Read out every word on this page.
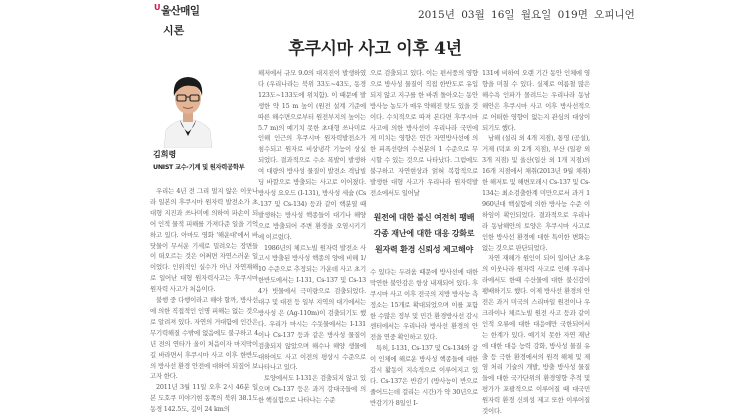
$^U$울산매일
시론
2015년 03월 16일 월요일 019면 오피니언
후쿠시마 사고 이후 4년
김희령
UNIST 교수·기계 및 원자력공학부

우리는 4년 전 그리 멀지 않은 이웃나라 일본의 후쿠시마 원자력 발전소가 초대형 지진과 쓰나미에 의하여 파손이 되어 인적 물적 피해를 가져다준 일을 기억하고 있다. 아마도 영화 '해운대'에서 바닷물이 무서운 기세로 밀려오는 장면들이 떠오르는 것은 어쩌면 자연스러운 일이었다. 인위적인 실수가 아닌 자연재해로 일어난 대형 원자력사고는 후쿠시마 원자력 사고가 처음이다.

불행 중 다행이라고 해야 할까, 방사선에 의한 직접적인 인명 피해는 없는 것으로 알려져 있다. 자연의 거대함에 인간은 무기력해질 수밖에 없음에도 불구하고 4년 전의 연타가 올이 처음이자 마지막이길 바라면서 후쿠시마 사고 이후 한반도의 방사선 환경 안전에 대하여 되짚어 보고자 한다.

2011년 3월 11일 오후 2시 46분 일본 도호쿠 미야기현 동쪽의 북위 38.1도 동경 142.5도, 깊이 24 km의

해저에서 규모 9.0의 대지진이 발생하였다 (우리나라는 북위 33도~43도, 동경 123도~133도에 위치함). 이 때문에 발생한 약 15 m 높이 (원전 설계 기준에 따른 해수면으로부터 원전부지의 높이는 5.7 m)의 예기치 못한 초대형 쓰나미로 인해 인근의 후쿠시마 원자력발전소가 침수되고 원자로 비상냉각 기능이 상실되었다. 결과적으로 수소 폭발이 발생하여 대량의 방사성 물질이 발전소 격납빌딩 바깥으로 방출되는 사고로 이어졌다. 방사성 요오드 (I-131), 방사성 세슘 (Cs-137 및 Cs-134) 등과 같이 핵분열 때 발생하는 방사성 핵종들이 대기나 해양으로 방출되어 주변 환경을 오염시키기에 이르렀다.

1986년의 체르노빌 원자력 발전소 사고시 방출된 방사성 핵종의 양에 비해 1/10 수준으로 추정되는 가운데 사고 초기 한반도에서는 I-131, Cs-137 및 Cs-134가 빗물에서 극미량으로 검출되었다. 대구 및 대전 등 일부 지역의 대기에서는 방사성 은 (Ag-110m)이 검출되기도 했다. 우리가 마시는 수돗물에서는 I-131이나 Cs-137 등과 같은 방사성 물질이 검출되지 않았으며 해수나 해양 생물에 대하여도 사고 이전의 평상시 수준으로 나타나고 있다.

토양에서도 I-131은 검출되지 않고 있으며 Cs-137 등은 과거 강대국들에 의한 핵실험으로 나타나는 수준

으로 검출되고 있다. 이는 편서풍의 영향으로 방사성 물질이 직접 한반도로 유입되지 않고 지구를 한 바퀴 돌아오는 동안 방사능 농도가 매우 약해진 탓도 있을 것이다. 수치적으로 따져 본다면 후쿠시마 사고에 의한 방사선이 우리나라 국민에게 미치는 영향은 연간 자연방사선에 의한 피폭선량의 수천분의 1 수준으로 무시할 수 있는 것으로 나타났다. 그럼에도 불구하고 자연현상과 얽혀 복합적으로 발생한 대형 사고가 우리나라 원자력발전소에서도 일어날

원전에 대한 불신 여전히 팽배
각종 재난에 대한 대응 강화로
원자력 환경 신뢰성 제고해야

수 있다는 두려움 때문에 방사선에 대한 막연한 불안감은 항상 내재되어 있다. 후쿠시마 사고 이후 전국의 지방 방사능 측정소는 15개로 확대되었으며 이를 포함한 수많은 정부 및 민간 환경방사선 감시 센터에서는 우리나라 방사선 환경의 안전을 연중 확인하고 있다.

특히, I-131, Cs-137 및 Cs-134와 같이 인체에 해로운 방사성 핵종들에 대한 감시 활동이 지속적으로 이루어지고 있다. Cs-137은 반감기 (방사능이 반으로 줄어드는데 걸리는 시간)가 약 30년으로 반감기가 8일인 I-

131에 비하여 오랜 기간 동안 인체에 영향을 미칠 수 있다. 실제로 여름철 많은 해수욕 인파가 몰려드는 우리나라 동남해안은 후쿠시마 사고 이후 방사선적으로 어떠한 영향이 없는지 관심의 대상이 되기도 했다.

남해 (설리 외 4개 지점), 통영 (공설), 거제 (덕포 외 2개 지점), 부산 (일광 외 3개 지점) 및 울산(일산 외 1개 지점)의 16개 지점에서 채취(2013년 9월 채취)한 해저토 및 해변모래시 Cs-137 및 Cs-134는 최소검출한계 미만으로서 과거 1960년대 핵실험에 의한 방사능 수준 이하임이 확인되었다. 결과적으로 우리나라 동남해안의 토양은 후쿠시마 사고로 인한 방사선 환경에 대한 특이한 변화는 없는 것으로 판단되었다.

자연 재해가 원인이 되어 일어난 초유의 이웃나라 원자력 사고로 인해 우리나라에서도 한때 수산물에 대한 불신감이 팽배하기도 했다. 이제 방사선 환경의 안전은 과거 미국의 스리마일 원전이나 우크라이나 체르노빌 원전 사고 등과 같이 인적 오류에 대한 대응에만 국한되어서는 한계가 있다. 예기치 못한 자연 재난에 대한 대응 능력 강화, 방사성 물질 유출 등 극한 환경에서의 원격 해체 및 제염 처리 기술의 개발, 방출 방사성 물질들에 대한 국가단위의 환경영향 추적 및 평가가 포괄적으로 이루어질 때 대국민 원자력 환경 신뢰성 제고 또한 이루어질 것이다.
